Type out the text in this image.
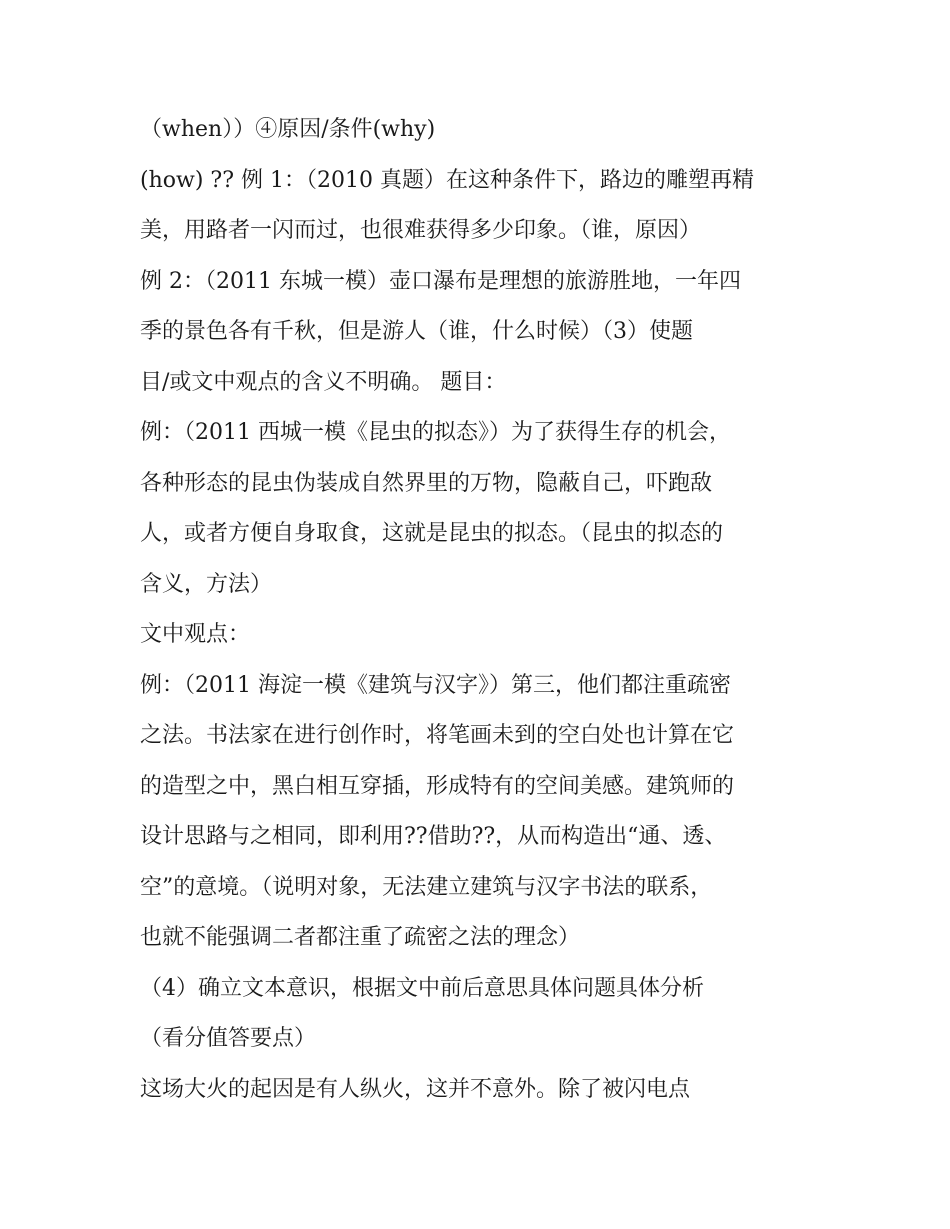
（when））④原因/条件(why)
(how) ?? 例 1：（2010 真题）在这种条件下，路边的雕塑再精
美，用路者一闪而过，也很难获得多少印象。（谁，原因）
例 2：（2011 东城一模）壶口瀑布是理想的旅游胜地，一年四
季的景色各有千秋，但是游人（谁，什么时候）（3）使题
目/或文中观点的含义不明确。 题目：
例：（2011 西城一模《昆虫的拟态》）为了获得生存的机会，
各种形态的昆虫伪装成自然界里的万物，隐蔽自己，吓跑敌
人，或者方便自身取食，这就是昆虫的拟态。（昆虫的拟态的
含义，方法）
文中观点：
例：（2011 海淀一模《建筑与汉字》）第三，他们都注重疏密
之法。书法家在进行创作时，将笔画未到的空白处也计算在它
的造型之中，黑白相互穿插，形成特有的空间美感。建筑师的
设计思路与之相同，即利用??借助??，从而构造出“通、透、
空”的意境。（说明对象，无法建立建筑与汉字书法的联系，
也就不能强调二者都注重了疏密之法的理念）
（4）确立文本意识，根据文中前后意思具体问题具体分析
（看分值答要点）
这场大火的起因是有人纵火，这并不意外。除了被闪电点
